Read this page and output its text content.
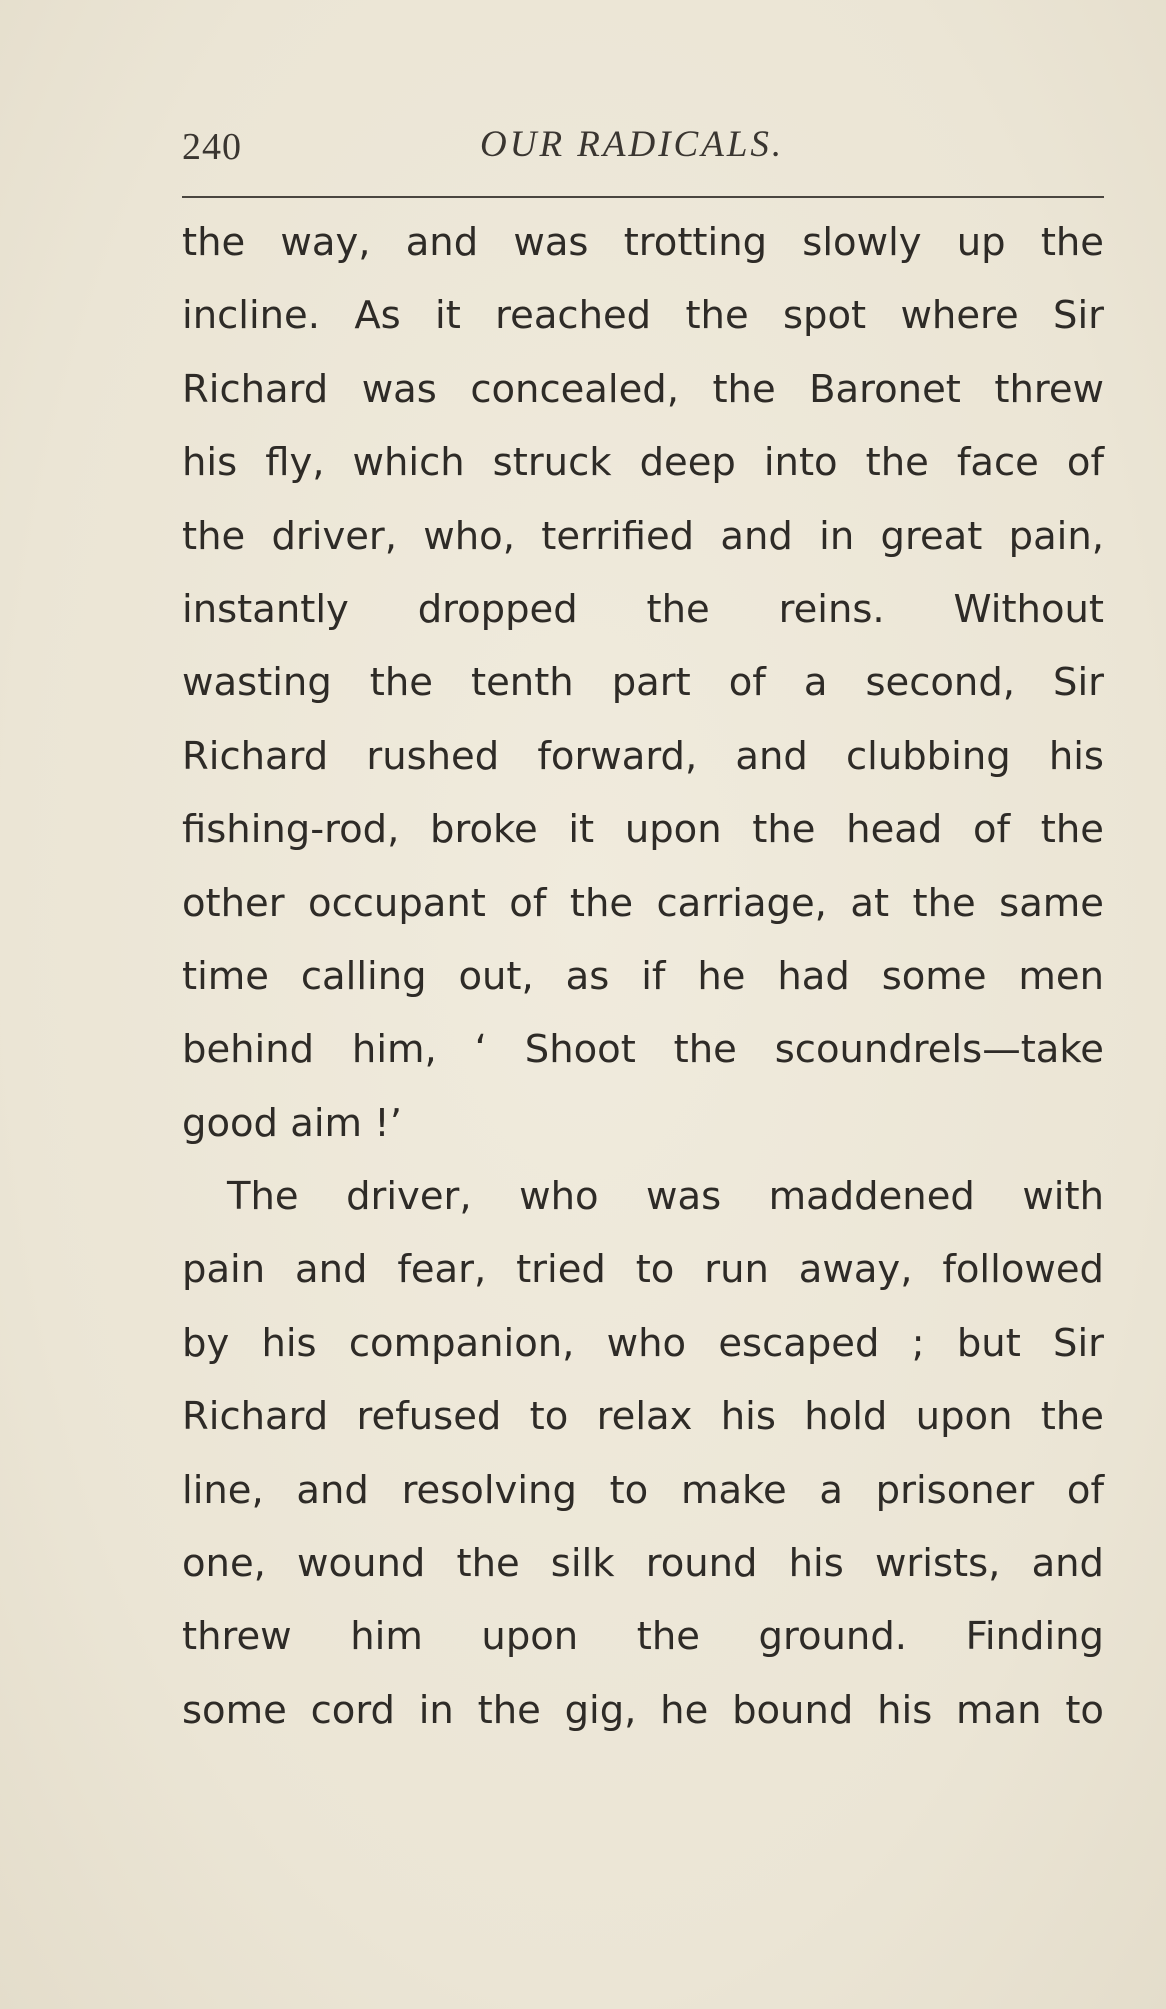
240	OUR RADICALS.
the way, and was trotting slowly up the
incline. As it reached the spot where Sir
Richard was concealed, the Baronet threw
his fly, which struck deep into the face of
the driver, who, terrified and in great pain,
instantly dropped the reins. Without
wasting the tenth part of a second, Sir
Richard rushed forward, and clubbing his
fishing-rod, broke it upon the head of the
other occupant of the carriage, at the same
time calling out, as if he had some men
behind him, ‘ Shoot the scoundrels—take
good aim !’
The driver, who was maddened with
pain and fear, tried to run away, followed
by his companion, who escaped ; but Sir
Richard refused to relax his hold upon the
line, and resolving to make a prisoner of
one, wound the silk round his wrists, and
threw him upon the ground. Finding
some cord in the gig, he bound his man to
